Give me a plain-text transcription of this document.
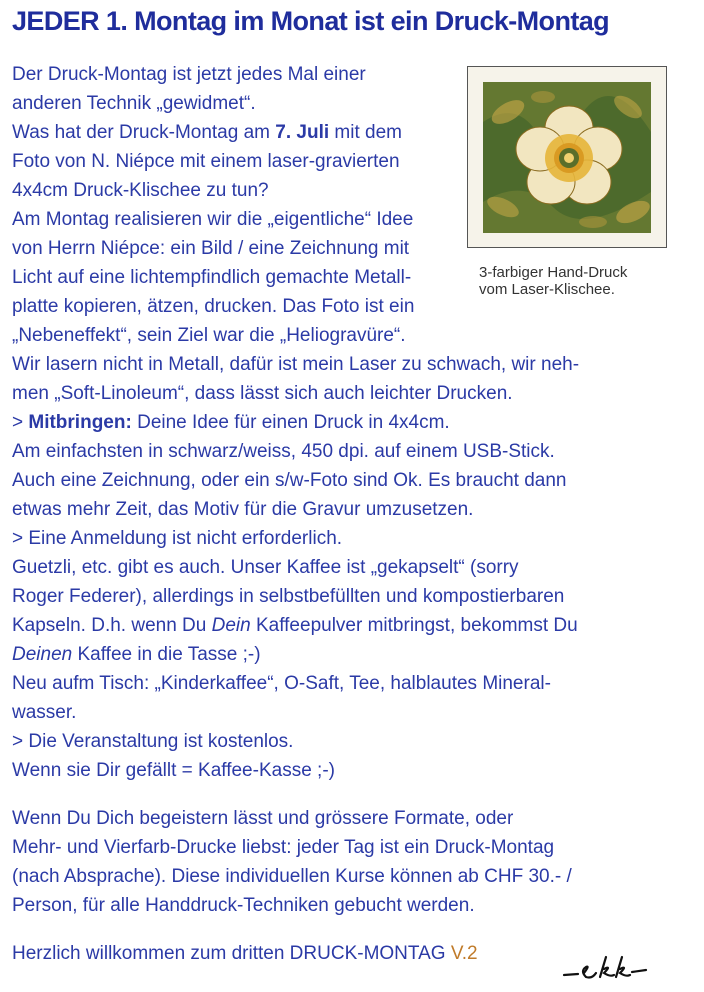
JEDER 1. Montag im Monat ist ein Druck-Montag
3-farbiger Hand-Druck
vom Laser-Klischee.
Der Druck-Montag ist jetzt jedes Mal einer
anderen Technik „gewidmet“.
Was hat der Druck-Montag am 7. Juli mit dem
Foto von N. Niépce mit einem laser-gravierten
4x4cm Druck-Klischee zu tun?
Am Montag realisieren wir die „eigentliche“ Idee
von Herrn Niépce: ein Bild / eine Zeichnung mit
Licht auf eine lichtempfindlich gemachte Metall-
platte kopieren, ätzen, drucken. Das Foto ist ein
„Nebeneffekt“, sein Ziel war die „Heliogravüre“.
Wir lasern nicht in Metall, dafür ist mein Laser zu schwach, wir neh-
men „Soft-Linoleum“, dass lässt sich auch leichter Drucken.
> Mitbringen: Deine Idee für einen Druck in 4x4cm.
Am einfachsten in schwarz/weiss, 450 dpi. auf einem USB-Stick.
Auch eine Zeichnung, oder ein s/w-Foto sind Ok. Es braucht dann
etwas mehr Zeit, das Motiv für die Gravur umzusetzen.
> Eine Anmeldung ist nicht erforderlich.
Guetzli, etc. gibt es auch. Unser Kaffee ist „gekapselt“ (sorry
Roger Federer), allerdings in selbstbefüllten und kompostierbaren
Kapseln. D.h. wenn Du Dein Kaffeepulver mitbringst, bekommst Du
Deinen Kaffee in die Tasse ;-)
Neu aufm Tisch: „Kinderkaffee“, O-Saft, Tee, halblautes Mineral-
wasser.
> Die Veranstaltung ist kostenlos.
Wenn sie Dir gefällt = Kaffee-Kasse ;-)
Wenn Du Dich begeistern lässt und grössere Formate, oder
Mehr- und Vierfarb-Drucke liebst: jeder Tag ist ein Druck-Montag
(nach Absprache). Diese individuellen Kurse können ab CHF 30.- /
Person, für alle Handdruck-Techniken gebucht werden.
Herzlich willkommen zum dritten DRUCK-MONTAG V.2
